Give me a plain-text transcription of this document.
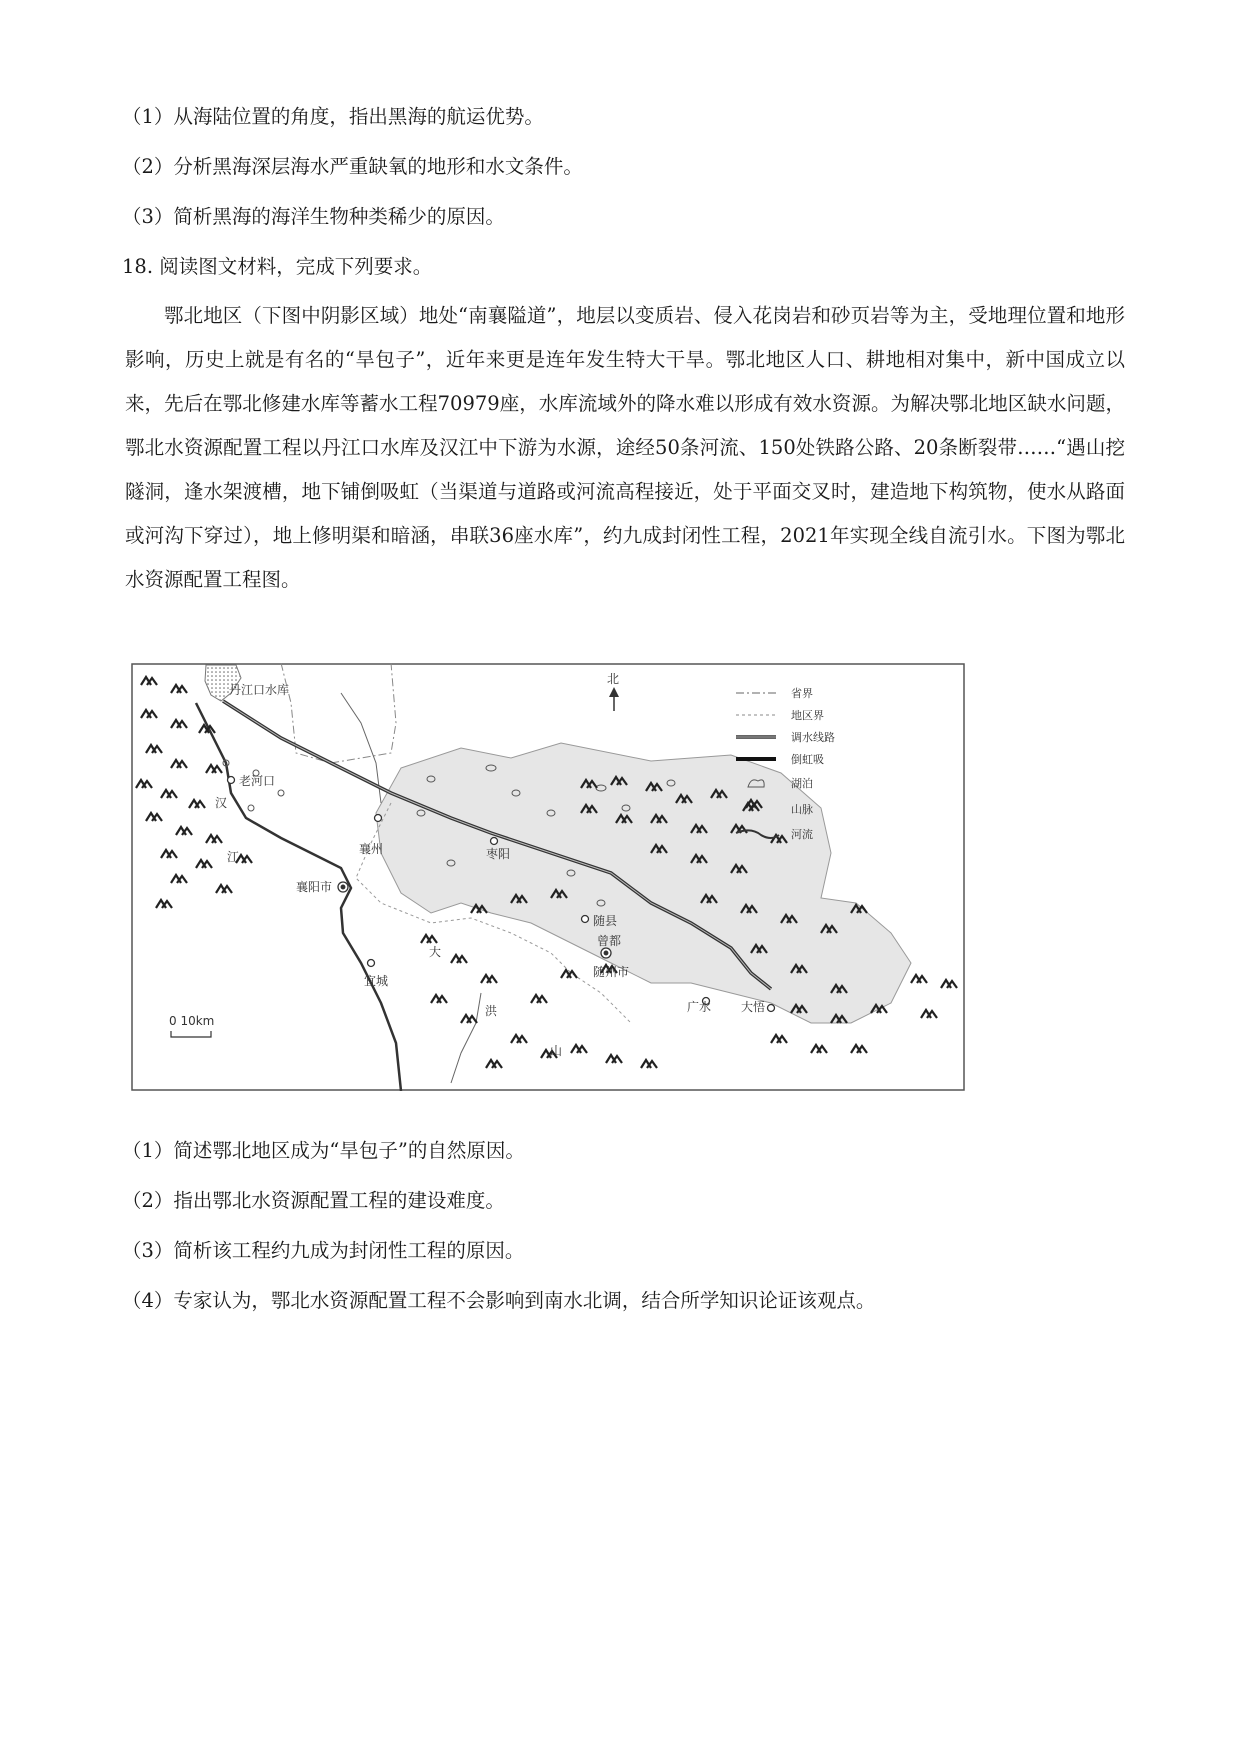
（1）从海陆位置的角度，指出黑海的航运优势。
（2）分析黑海深层海水严重缺氧的地形和水文条件。
（3）简析黑海的海洋生物种类稀少的原因。
18. 阅读图文材料，完成下列要求。
鄂北地区（下图中阴影区域）地处“南襄隘道”，地层以变质岩、侵入花岗岩和砂页岩等为主，受地理位置和地形影响，历史上就是有名的“旱包子”，近年来更是连年发生特大干旱。鄂北地区人口、耕地相对集中，新中国成立以来，先后在鄂北修建水库等蓄水工程70979座，水库流域外的降水难以形成有效水资源。为解决鄂北地区缺水问题，鄂北水资源配置工程以丹江口水库及汉江中下游为水源，途经50条河流、150处铁路公路、20条断裂带……“遇山挖隧洞，逢水架渡槽，地下铺倒吸虹（当渠道与道路或河流高程接近，处于平面交叉时，建造地下构筑物，使水从路面或河沟下穿过），地上修明渠和暗涵，串联36座水库”，约九成封闭性工程，2021年实现全线自流引水。下图为鄂北水资源配置工程图。
丹江口水库
老河口
汉
襄州
江
襄阳市
宜城
枣阳
随县
曾都
随州市
广水 大悟
大
洪
山
北
0 10km
省界
地区界
调水线路
倒虹吸
湖泊
山脉
河流
（1）简述鄂北地区成为“旱包子”的自然原因。
（2）指出鄂北水资源配置工程的建设难度。
（3）简析该工程约九成为封闭性工程的原因。
（4）专家认为，鄂北水资源配置工程不会影响到南水北调，结合所学知识论证该观点。
